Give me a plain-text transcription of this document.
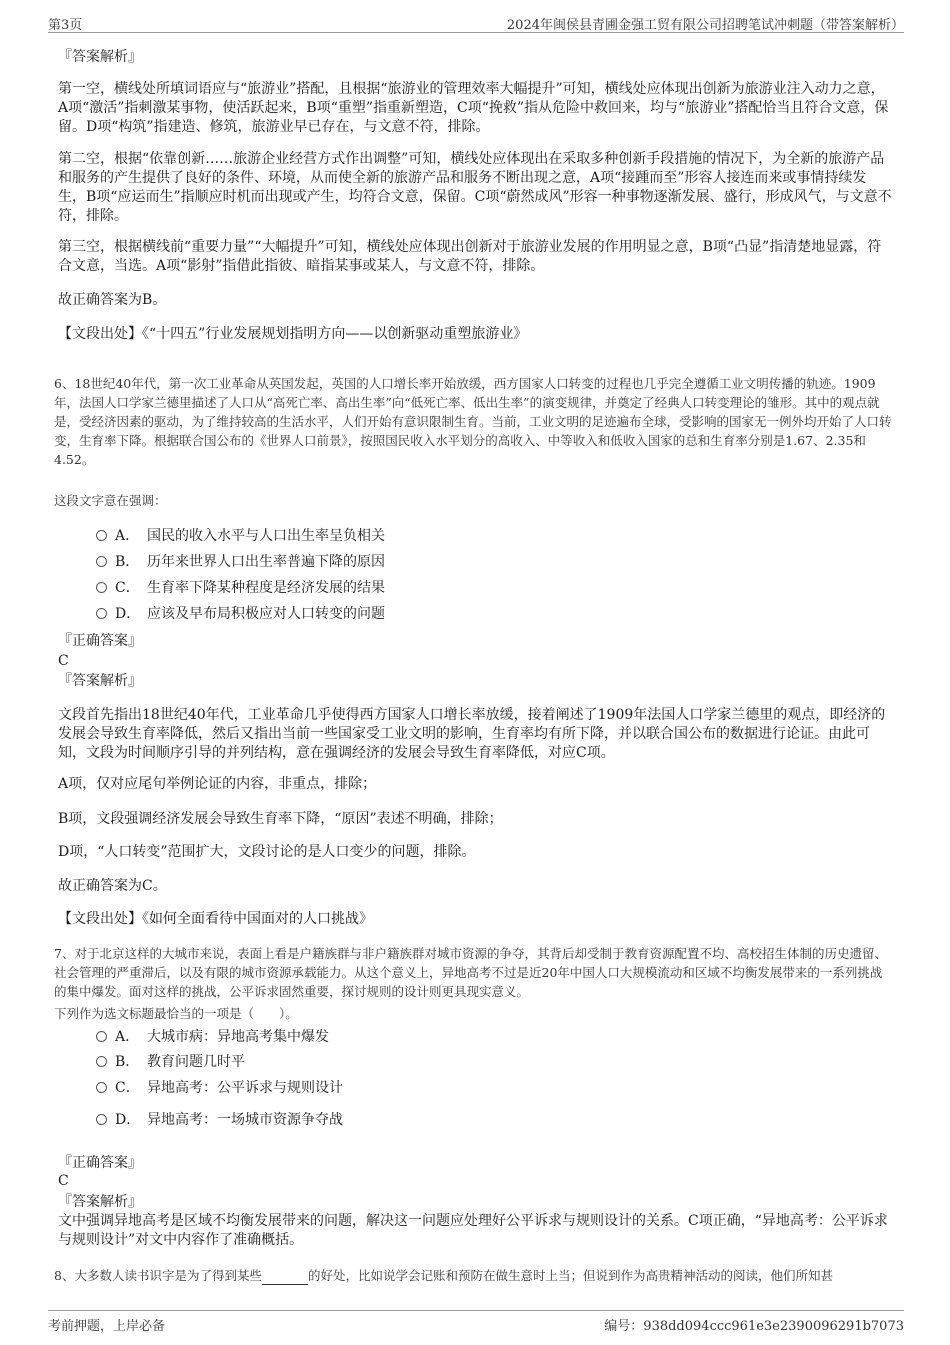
第3页	2024年闽侯县青圃金强工贸有限公司招聘笔试冲刺题（带答案解析）
『答案解析』
第一空，横线处所填词语应与“旅游业”搭配，且根据“旅游业的管理效率大幅提升”可知，横线处应体现出创新为旅游业注入动力之意，A项“激活”指刺激某事物，使活跃起来，B项“重塑”指重新塑造，C项“挽救”指从危险中救回来，均与“旅游业”搭配恰当且符合文意，保留。D项“构筑”指建造、修筑，旅游业早已存在，与文意不符，排除。
第二空，根据“依靠创新……旅游企业经营方式作出调整”可知，横线处应体现出在采取多种创新手段措施的情况下，为全新的旅游产品和服务的产生提供了良好的条件、环境，从而使全新的旅游产品和服务不断出现之意，A项“接踵而至”形容人接连而来或事情持续发生，B项“应运而生”指顺应时机而出现或产生，均符合文意，保留。C项“蔚然成风”形容一种事物逐渐发展、盛行，形成风气，与文意不符，排除。
第三空，根据横线前“重要力量”“大幅提升”可知，横线处应体现出创新对于旅游业发展的作用明显之意，B项“凸显”指清楚地显露，符合文意，当选。A项“影射”指借此指彼、暗指某事或某人，与文意不符，排除。
故正确答案为B。
【文段出处】《“十四五”行业发展规划指明方向——以创新驱动重塑旅游业》
6、18世纪40年代，第一次工业革命从英国发起，英国的人口增长率开始放缓，西方国家人口转变的过程也几乎完全遵循工业文明传播的轨迹。1909年，法国人口学家兰德里描述了人口从“高死亡率、高出生率”向“低死亡率、低出生率”的演变规律，并奠定了经典人口转变理论的雏形。其中的观点就是，受经济因素的驱动，为了维持较高的生活水平，人们开始有意识限制生育。当前，工业文明的足迹遍布全球，受影响的国家无一例外均开始了人口转变，生育率下降。根据联合国公布的《世界人口前景》，按照国民收入水平划分的高收入、中等收入和低收入国家的总和生育率分别是1.67、2.35和4.52。
这段文字意在强调：
A． 国民的收入水平与人口出生率呈负相关
B． 历年来世界人口出生率普遍下降的原因
C． 生育率下降某种程度是经济发展的结果
D． 应该及早布局积极应对人口转变的问题
『正确答案』
C
『答案解析』
文段首先指出18世纪40年代，工业革命几乎使得西方国家人口增长率放缓，接着阐述了1909年法国人口学家兰德里的观点，即经济的发展会导致生育率降低，然后又指出当前一些国家受工业文明的影响，生育率均有所下降，并以联合国公布的数据进行论证。由此可知，文段为时间顺序引导的并列结构，意在强调经济的发展会导致生育率降低，对应C项。
A项，仅对应尾句举例论证的内容，非重点，排除；
B项，文段强调经济发展会导致生育率下降，“原因”表述不明确，排除；
D项，“人口转变”范围扩大，文段讨论的是人口变少的问题，排除。
故正确答案为C。
【文段出处】《如何全面看待中国面对的人口挑战》
7、对于北京这样的大城市来说，表面上看是户籍族群与非户籍族群对城市资源的争夺，其背后却受制于教育资源配置不均、高校招生体制的历史遗留、社会管理的严重滞后，以及有限的城市资源承载能力。从这个意义上，异地高考不过是近20年中国人口大规模流动和区域不均衡发展带来的一系列挑战的集中爆发。面对这样的挑战，公平诉求固然重要，探讨规则的设计则更具现实意义。
下列作为选文标题最恰当的一项是（　　）。
A． 大城市病：异地高考集中爆发
B． 教育问题几时平
C． 异地高考：公平诉求与规则设计
D． 异地高考：一场城市资源争夺战
『正确答案』
C
『答案解析』
文中强调异地高考是区域不均衡发展带来的问题，解决这一问题应处理好公平诉求与规则设计的关系。C项正确，“异地高考：公平诉求与规则设计”对文中内容作了准确概括。
8、大多数人读书识字是为了得到某些	的好处，比如说学会记账和预防在做生意时上当；但说到作为高贵精神活动的阅读，他们所知甚
考前押题，上岸必备	编号：938dd094ccc961e3e2390096291b7073
